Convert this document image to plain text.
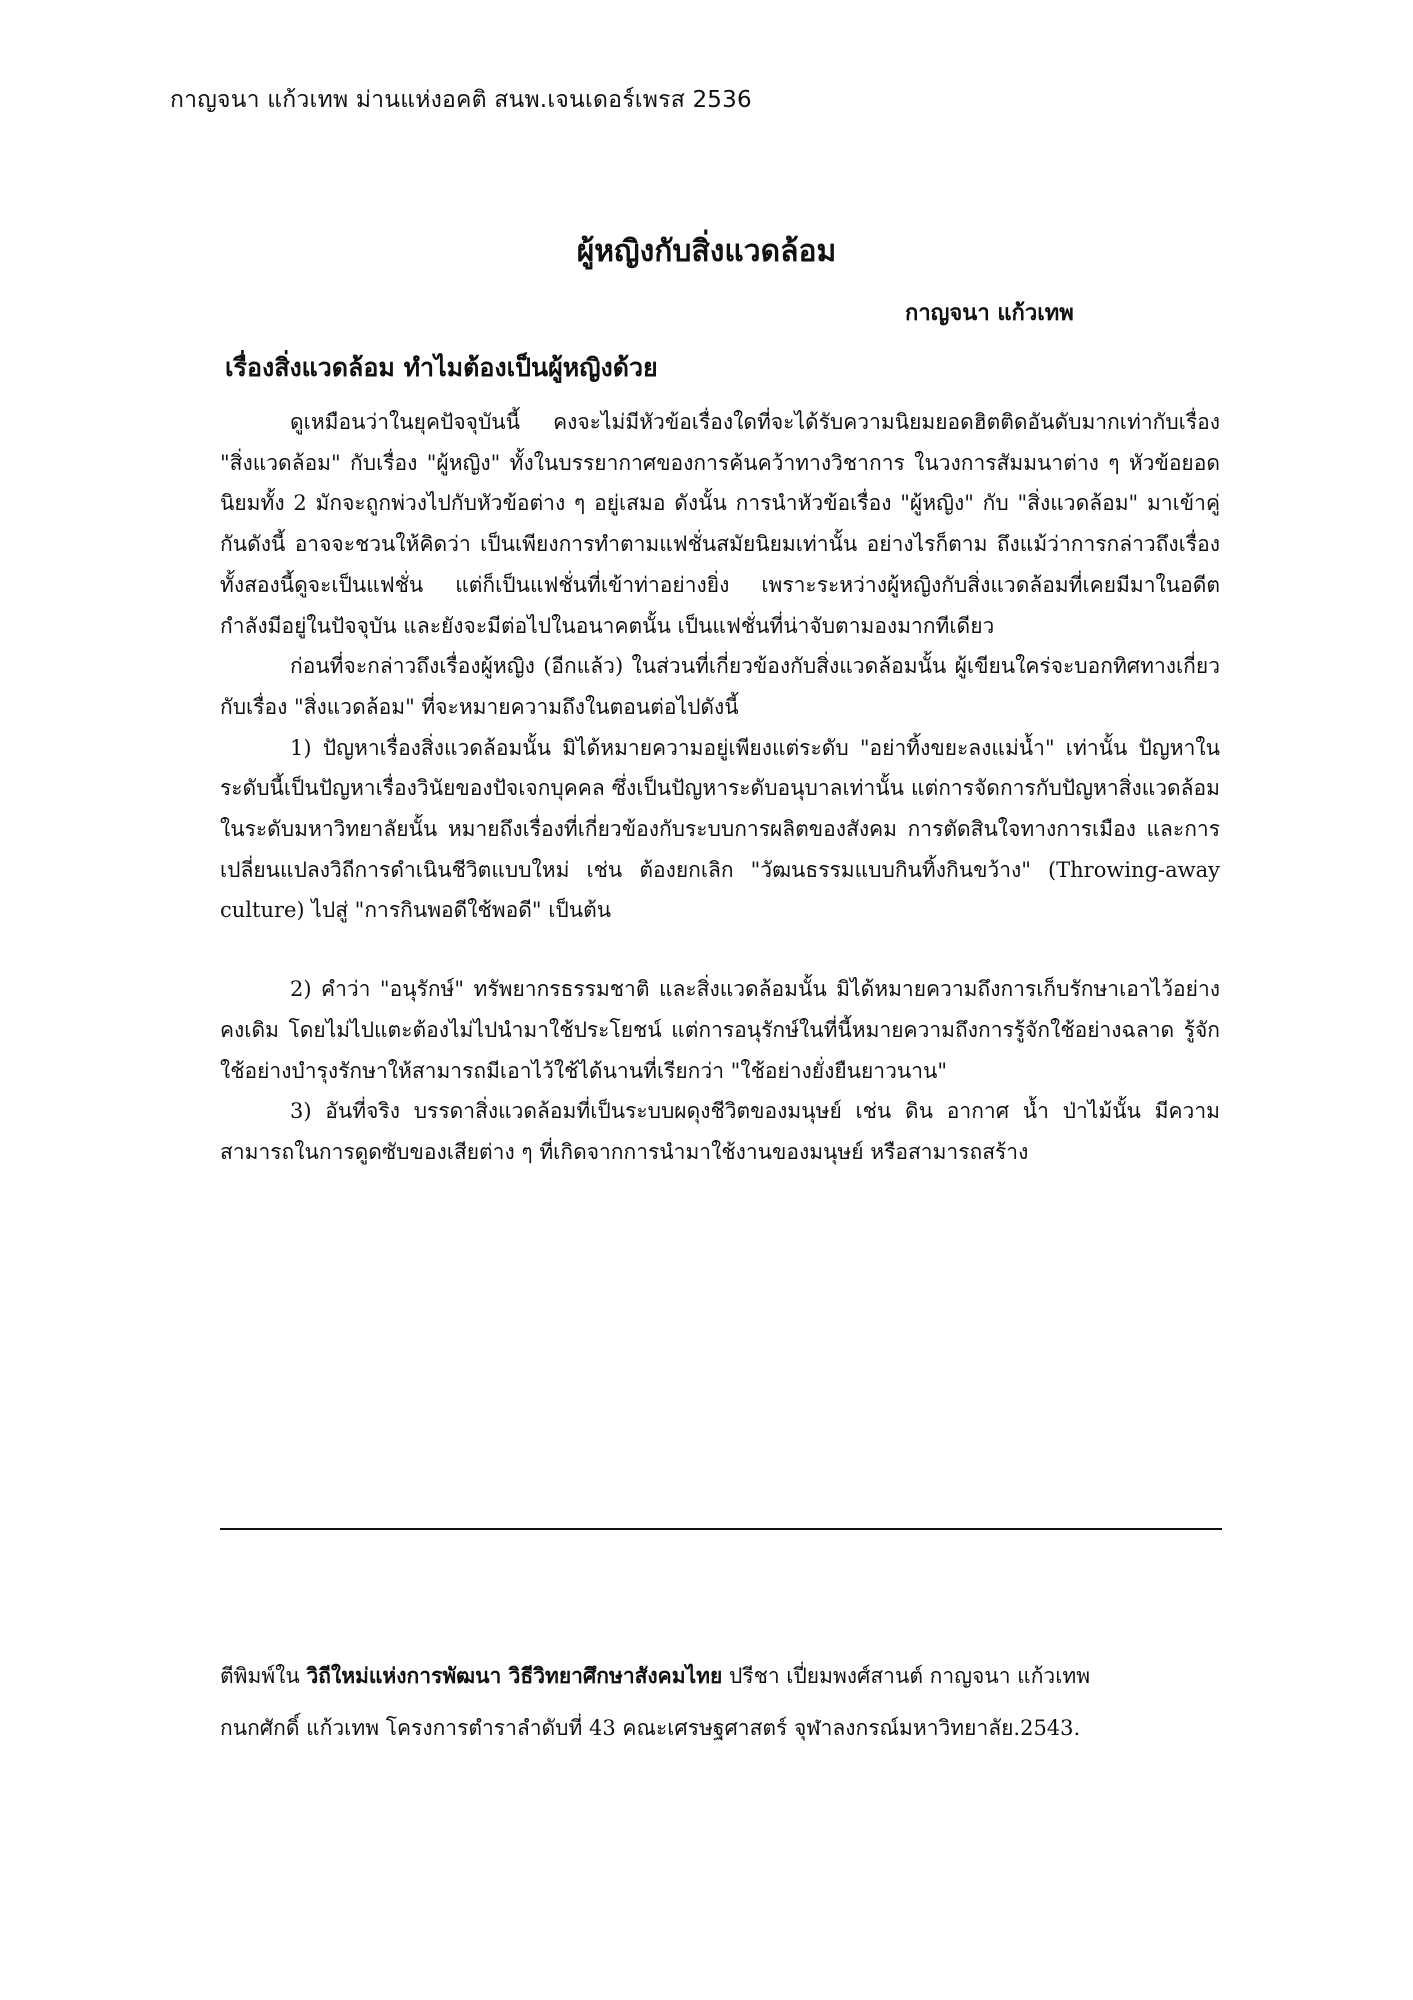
กาญจนา แก้วเทพ ม่านแห่งอคติ สนพ.เจนเดอร์เพรส 2536
ผู้หญิงกับสิ่งแวดล้อม
กาญจนา แก้วเทพ
เรื่องสิ่งแวดล้อม ทำไมต้องเป็นผู้หญิงด้วย

ดูเหมือนว่าในยุคปัจจุบันนี้ คงจะไม่มีหัวข้อเรื่องใดที่จะได้รับความนิยมยอดฮิตติดอันดับมากเท่ากับเรื่อง "สิ่งแวดล้อม" กับเรื่อง "ผู้หญิง" ทั้งในบรรยากาศของการค้นคว้าทางวิชาการ ในวงการสัมมนาต่าง ๆ หัวข้อยอดนิยมทั้ง 2 มักจะถูกพ่วงไปกับหัวข้อต่าง ๆ อยู่เสมอ ดังนั้น การนำหัวข้อเรื่อง "ผู้หญิง" กับ "สิ่งแวดล้อม" มาเข้าคู่กันดังนี้ อาจจะชวนให้คิดว่า เป็นเพียงการทำตามแฟชั่นสมัยนิยมเท่านั้น อย่างไรก็ตาม ถึงแม้ว่าการกล่าวถึงเรื่องทั้งสองนี้ดูจะเป็นแฟชั่น แต่ก็เป็นแฟชั่นที่เข้าท่าอย่างยิ่ง เพราะระหว่างผู้หญิงกับสิ่งแวดล้อมที่เคยมีมาในอดีต กำลังมีอยู่ในปัจจุบัน และยังจะมีต่อไปในอนาคตนั้น เป็นแฟชั่นที่น่าจับตามองมากทีเดียว

ก่อนที่จะกล่าวถึงเรื่องผู้หญิง (อีกแล้ว) ในส่วนที่เกี่ยวข้องกับสิ่งแวดล้อมนั้น ผู้เขียนใคร่จะบอกทิศทางเกี่ยวกับเรื่อง "สิ่งแวดล้อม" ที่จะหมายความถึงในตอนต่อไปดังนี้

1) ปัญหาเรื่องสิ่งแวดล้อมนั้น มิได้หมายความอยู่เพียงแต่ระดับ "อย่าทิ้งขยะลงแม่น้ำ" เท่านั้น ปัญหาในระดับนี้เป็นปัญหาเรื่องวินัยของปัจเจกบุคคล ซึ่งเป็นปัญหาระดับอนุบาลเท่านั้น แต่การจัดการกับปัญหาสิ่งแวดล้อมในระดับมหาวิทยาลัยนั้น หมายถึงเรื่องที่เกี่ยวข้องกับระบบการผลิตของสังคม การตัดสินใจทางการเมือง และการเปลี่ยนแปลงวิถีการดำเนินชีวิตแบบใหม่ เช่น ต้องยกเลิก "วัฒนธรรมแบบกินทิ้งกินขว้าง" (Throwing-away culture) ไปสู่ "การกินพอดีใช้พอดี" เป็นต้น

2) คำว่า "อนุรักษ์" ทรัพยากรธรรมชาติ และสิ่งแวดล้อมนั้น มิได้หมายความถึงการเก็บรักษาเอาไว้อย่างคงเดิม โดยไม่ไปแตะต้องไม่ไปนำมาใช้ประโยชน์ แต่การอนุรักษ์ในที่นี้หมายความถึงการรู้จักใช้อย่างฉลาด รู้จักใช้อย่างบำรุงรักษาให้สามารถมีเอาไว้ใช้ได้นานที่เรียกว่า "ใช้อย่างยั่งยืนยาวนาน"

3) อันที่จริง บรรดาสิ่งแวดล้อมที่เป็นระบบผดุงชีวิตของมนุษย์ เช่น ดิน อากาศ น้ำ ป่าไม้นั้น มีความสามารถในการดูดซับของเสียต่าง ๆ ที่เกิดจากการนำมาใช้งานของมนุษย์ หรือสามารถสร้าง

ตีพิมพ์ใน วิถีใหม่แห่งการพัฒนา วิธีวิทยาศึกษาสังคมไทย ปรีชา เปี่ยมพงศ์สานต์ กาญจนา แก้วเทพ
กนกศักดิ์ แก้วเทพ โครงการตำราลำดับที่ 43 คณะเศรษฐศาสตร์ จุฬาลงกรณ์มหาวิทยาลัย.2543.
